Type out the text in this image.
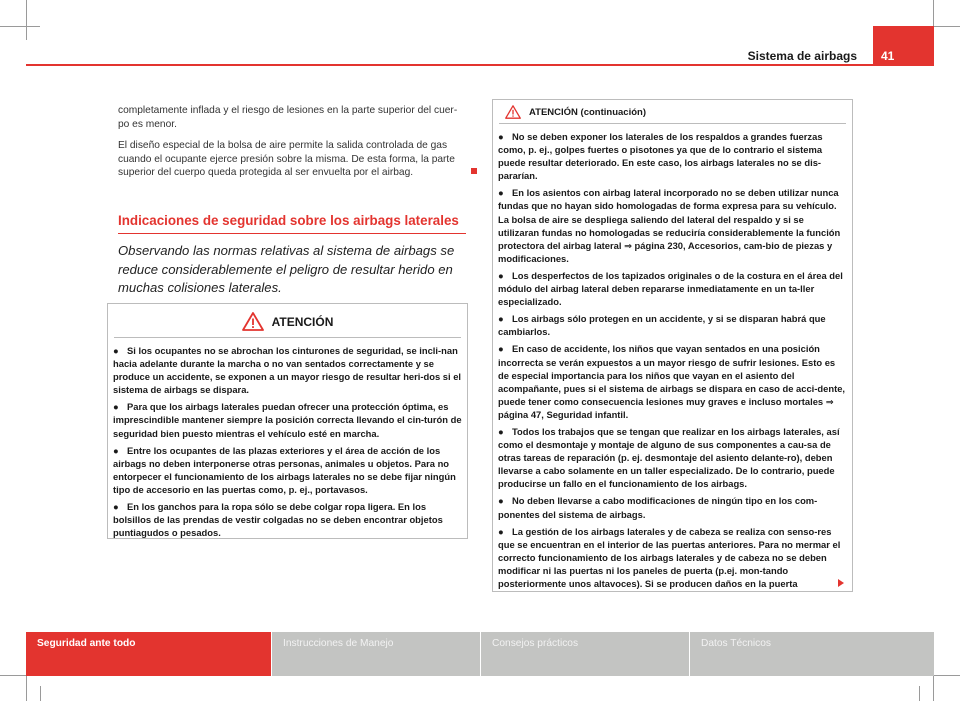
Sistema de airbags	41

completamente inflada y el riesgo de lesiones en la parte superior del cuer-po es menor.

El diseño especial de la bolsa de aire permite la salida controlada de gas cuando el ocupante ejerce presión sobre la misma. De esta forma, la parte superior del cuerpo queda protegida al ser envuelta por el airbag.

Indicaciones de seguridad sobre los airbags laterales

Observando las normas relativas al sistema de airbags se reduce considerablemente el peligro de resultar herido en muchas colisiones laterales.

ATENCIÓN
● Si los ocupantes no se abrochan los cinturones de seguridad, se incli-nan hacia adelante durante la marcha o no van sentados correctamente y se produce un accidente, se exponen a un mayor riesgo de resultar heri-dos si el sistema de airbags se dispara.
● Para que los airbags laterales puedan ofrecer una protección óptima, es imprescindible mantener siempre la posición correcta llevando el cin-turón de seguridad bien puesto mientras el vehículo esté en marcha.
● Entre los ocupantes de las plazas exteriores y el área de acción de los airbags no deben interponerse otras personas, animales u objetos. Para no entorpecer el funcionamiento de los airbags laterales no se debe fijar ningún tipo de accesorio en las puertas como, p. ej., portavasos.
● En los ganchos para la ropa sólo se debe colgar ropa ligera. En los bolsillos de las prendas de vestir colgadas no se deben encontrar objetos puntiagudos o pesados.
ATENCIÓN (continuación)
● No se deben exponer los laterales de los respaldos a grandes fuerzas como, p. ej., golpes fuertes o pisotones ya que de lo contrario el sistema puede resultar deteriorado. En este caso, los airbags laterales no se dis-pararían.
● En los asientos con airbag lateral incorporado no se deben utilizar nunca fundas que no hayan sido homologadas de forma expresa para su vehículo. La bolsa de aire se despliega saliendo del lateral del respaldo y si se utilizaran fundas no homologadas se reduciría considerablemente la función protectora del airbag lateral ⇒ página 230, Accesorios, cam-bio de piezas y modificaciones.
● Los desperfectos de los tapizados originales o de la costura en el área del módulo del airbag lateral deben repararse inmediatamente en un ta-ller especializado.
● Los airbags sólo protegen en un accidente, y si se disparan habrá que cambiarlos.
● En caso de accidente, los niños que vayan sentados en una posición incorrecta se verán expuestos a un mayor riesgo de sufrir lesiones. Esto es de especial importancia para los niños que vayan en el asiento del acompañante, pues si el sistema de airbags se dispara en caso de acci-dente, puede tener como consecuencia lesiones muy graves e incluso mortales ⇒ página 47, Seguridad infantil.
● Todos los trabajos que se tengan que realizar en los airbags laterales, así como el desmontaje y montaje de alguno de sus componentes a cau-sa de otras tareas de reparación (p. ej. desmontaje del asiento delante-ro), deben llevarse a cabo solamente en un taller especializado. De lo contrario, puede producirse un fallo en el funcionamiento de los airbags.
● No deben llevarse a cabo modificaciones de ningún tipo en los com-ponentes del sistema de airbags.
● La gestión de los airbags laterales y de cabeza se realiza con senso-res que se encuentran en el interior de las puertas anteriores. Para no mermar el correcto funcionamiento de los airbags laterales y de cabeza no se deben modificar ni las puertas ni los paneles de puerta (p.ej. mon-tando posteriormente unos altavoces). Si se producen daños en la puerta
Seguridad ante todo	Instrucciones de Manejo	Consejos prácticos	Datos Técnicos
